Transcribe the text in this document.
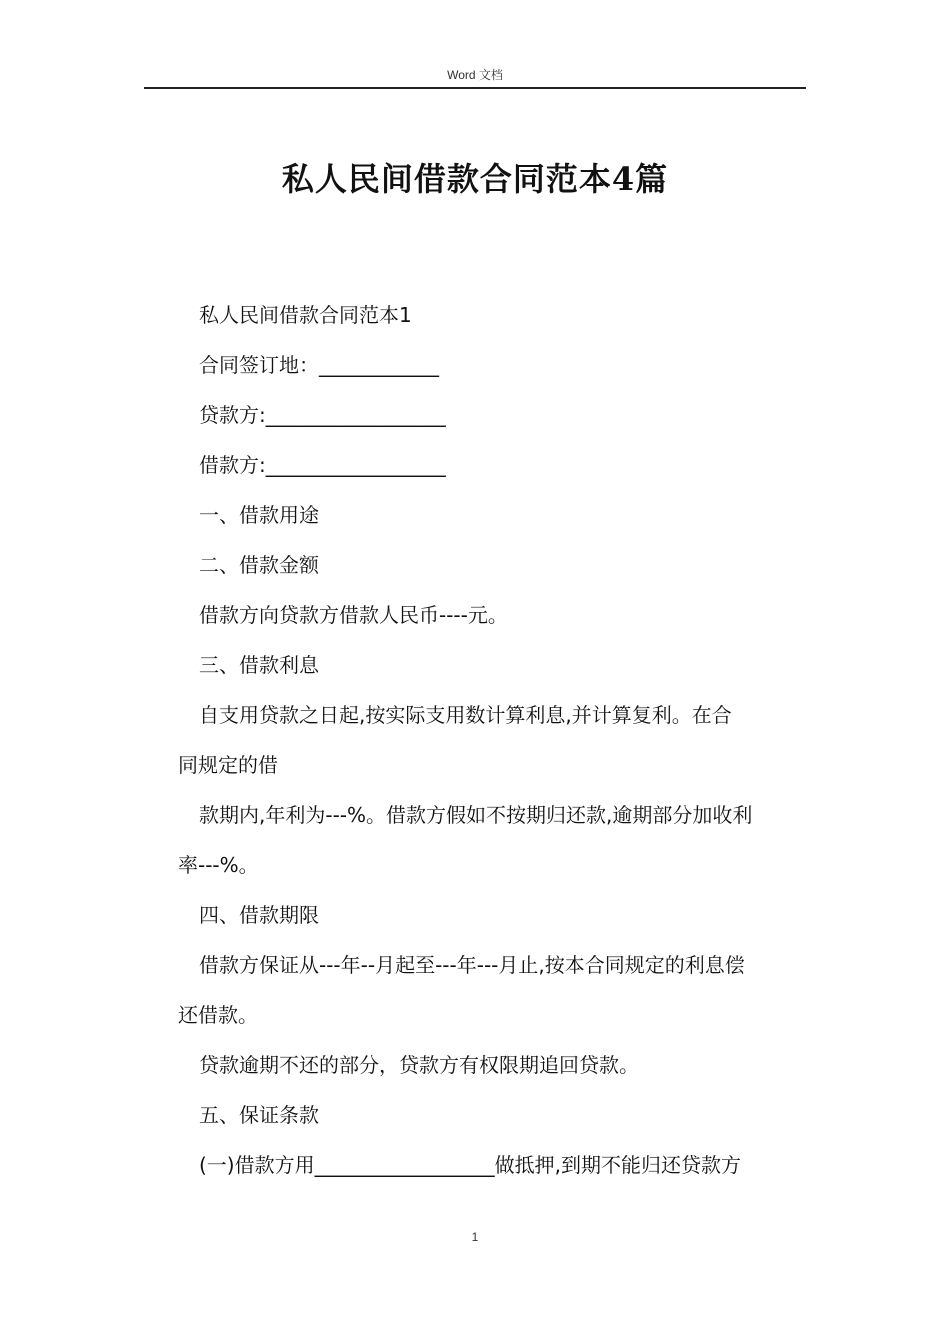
Word 文档
私人民间借款合同范本4篇

私人民间借款合同范本1

合同签订地：____________

贷款方:__________________

借款方:__________________

一、借款用途

二、借款金额

借款方向贷款方借款人民币----元。

三、借款利息

自支用贷款之日起,按实际支用数计算利息,并计算复利。在合

同规定的借

款期内,年利为---%。借款方假如不按期归还款,逾期部分加收利

率---%。

四、借款期限

借款方保证从---年--月起至---年---月止,按本合同规定的利息偿

还借款。

贷款逾期不还的部分，贷款方有权限期追回贷款。

五、保证条款

(一)借款方用__________________做抵押,到期不能归还贷款方

1
